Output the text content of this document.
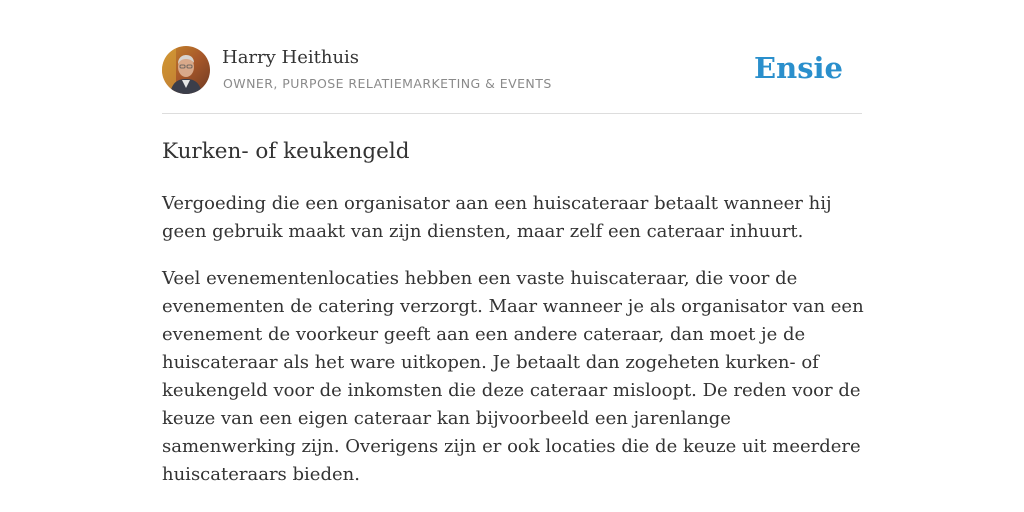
Harry Heithuis
OWNER, PURPOSE RELATIEMARKETING & EVENTS	Ensie
Kurken- of keukengeld

Vergoeding die een organisator aan een huiscateraar betaalt wanneer hij geen gebruik maakt van zijn diensten, maar zelf een cateraar inhuurt.

Veel evenementenlocaties hebben een vaste huiscateraar, die voor de evenementen de catering verzorgt. Maar wanneer je als organisator van een evenement de voorkeur geeft aan een andere cateraar, dan moet je de huiscateraar als het ware uitkopen. Je betaalt dan zogeheten kurken- of keukengeld voor de inkomsten die deze cateraar misloopt. De reden voor de keuze van een eigen cateraar kan bijvoorbeeld een jarenlange samenwerking zijn. Overigens zijn er ook locaties die de keuze uit meerdere huiscateraars bieden.
